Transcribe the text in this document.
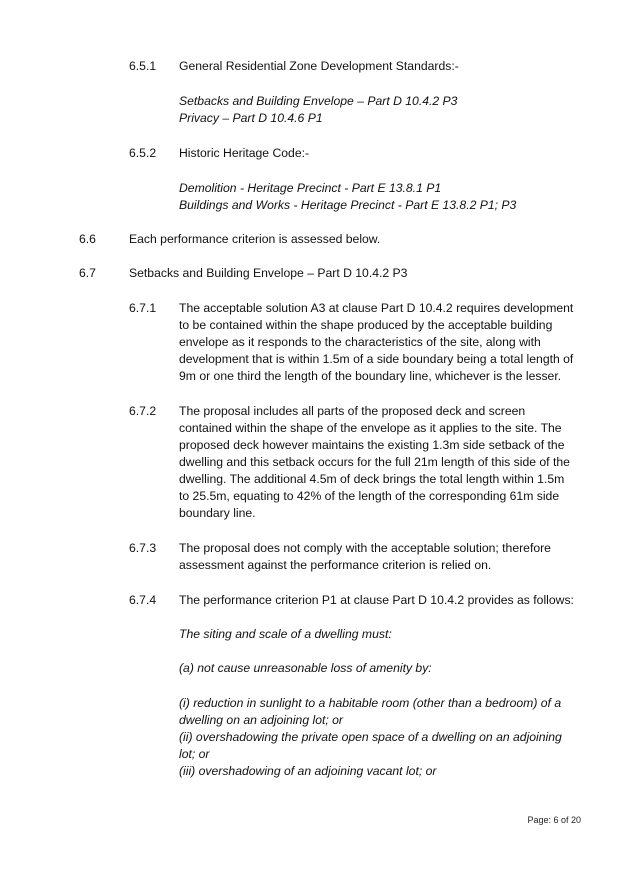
6.5.1 General Residential Zone Development Standards:-
Setbacks and Building Envelope – Part D 10.4.2 P3
Privacy – Part D 10.4.6 P1
6.5.2 Historic Heritage Code:-
Demolition - Heritage Precinct - Part E 13.8.1 P1
Buildings and Works - Heritage Precinct - Part E 13.8.2 P1; P3
6.6	Each performance criterion is assessed below.
6.7	Setbacks and Building Envelope – Part D 10.4.2 P3
6.7.1 The acceptable solution A3 at clause Part D 10.4.2 requires development
to be contained within the shape produced by the acceptable building
envelope as it responds to the characteristics of the site, along with
development that is within 1.5m of a side boundary being a total length of
9m or one third the length of the boundary line, whichever is the lesser.
6.7.2 The proposal includes all parts of the proposed deck and screen
contained within the shape of the envelope as it applies to the site. The
proposed deck however maintains the existing 1.3m side setback of the
dwelling and this setback occurs for the full 21m length of this side of the
dwelling. The additional 4.5m of deck brings the total length within 1.5m
to 25.5m, equating to 42% of the length of the corresponding 61m side
boundary line.
6.7.3 The proposal does not comply with the acceptable solution; therefore
assessment against the performance criterion is relied on.
6.7.4 The performance criterion P1 at clause Part D 10.4.2 provides as follows:
The siting and scale of a dwelling must:
(a) not cause unreasonable loss of amenity by:
(i) reduction in sunlight to a habitable room (other than a bedroom) of a
dwelling on an adjoining lot; or
(ii) overshadowing the private open space of a dwelling on an adjoining
lot; or
(iii) overshadowing of an adjoining vacant lot; or
Page: 6 of 20
